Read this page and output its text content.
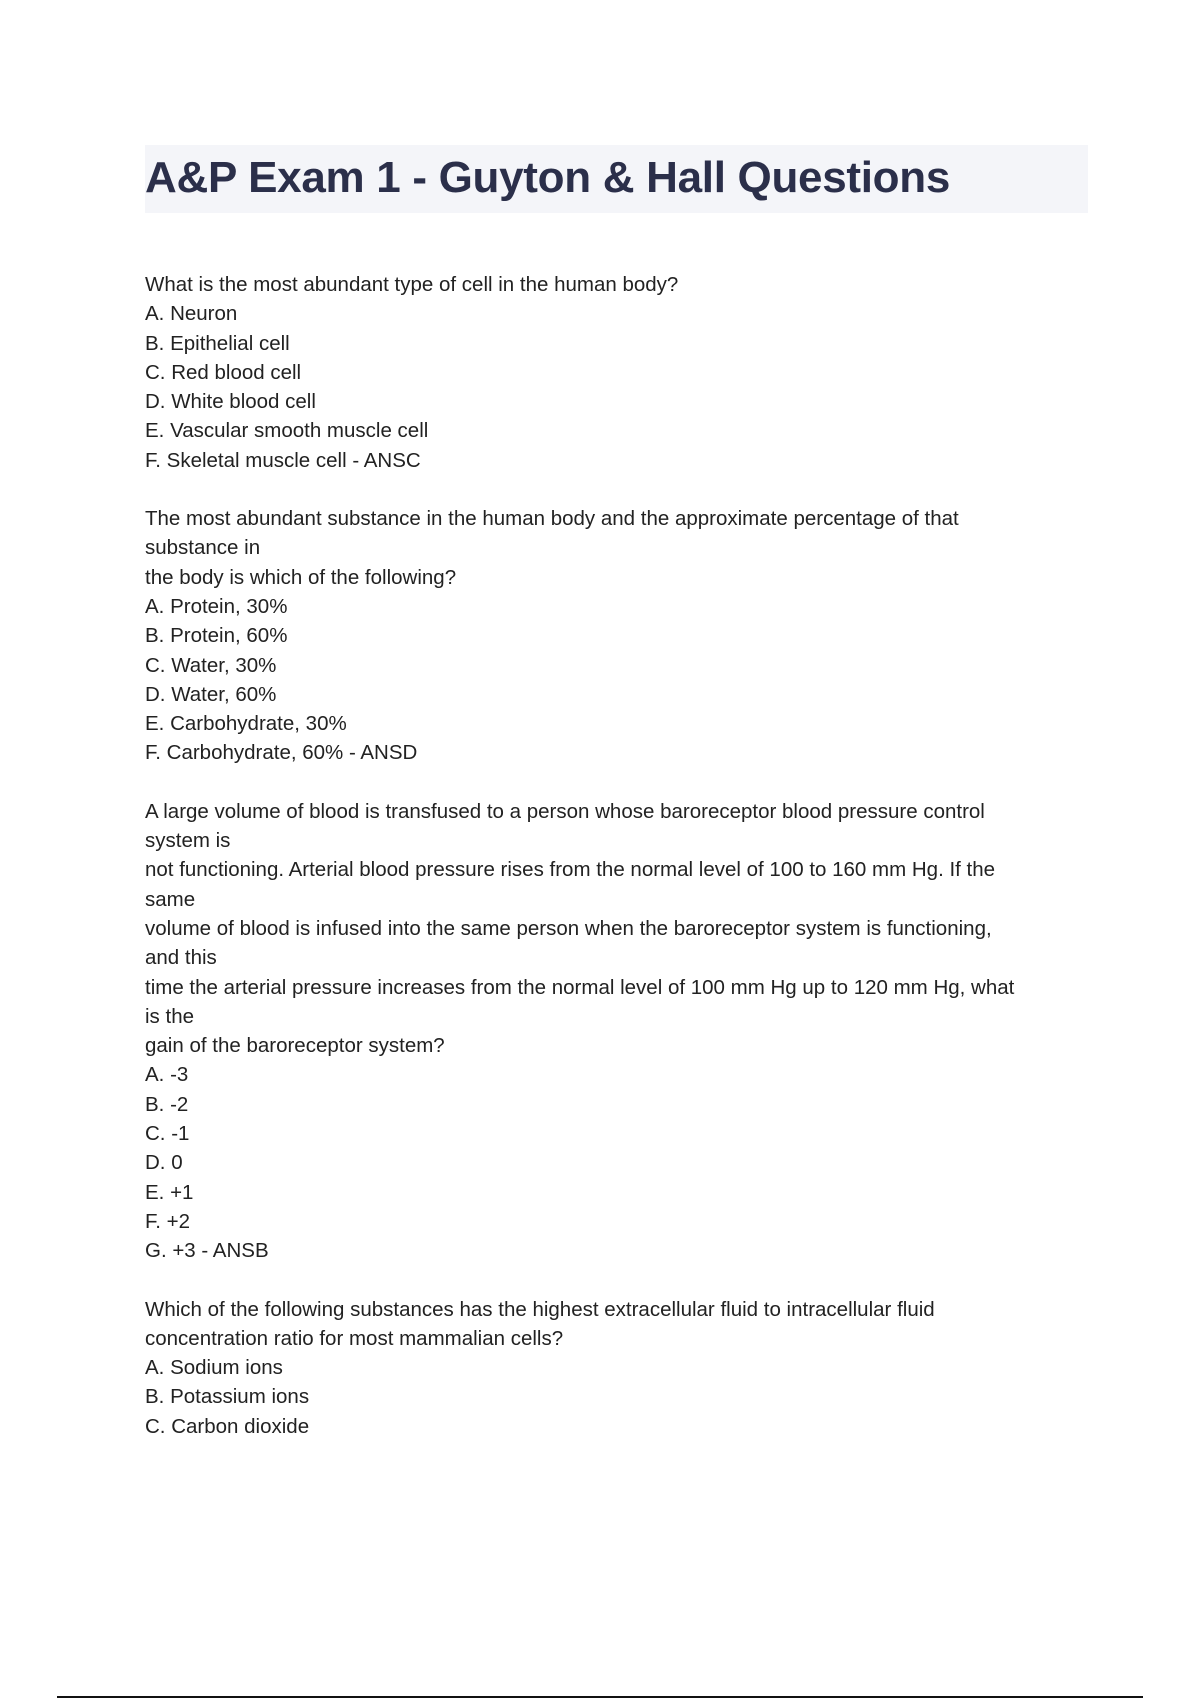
A&P Exam 1 - Guyton & Hall Questions
What is the most abundant type of cell in the human body?
A. Neuron
B. Epithelial cell
C. Red blood cell
D. White blood cell
E. Vascular smooth muscle cell
F. Skeletal muscle cell - ANSC
The most abundant substance in the human body and the approximate percentage of that
substance in
the body is which of the following?
A. Protein, 30%
B. Protein, 60%
C. Water, 30%
D. Water, 60%
E. Carbohydrate, 30%
F. Carbohydrate, 60% - ANSD
A large volume of blood is transfused to a person whose baroreceptor blood pressure control
system is
not functioning. Arterial blood pressure rises from the normal level of 100 to 160 mm Hg. If the
same
volume of blood is infused into the same person when the baroreceptor system is functioning,
and this
time the arterial pressure increases from the normal level of 100 mm Hg up to 120 mm Hg, what
is the
gain of the baroreceptor system?
A. -3
B. -2
C. -1
D. 0
E. +1
F. +2
G. +3 - ANSB
Which of the following substances has the highest extracellular fluid to intracellular fluid
concentration ratio for most mammalian cells?
A. Sodium ions
B. Potassium ions
C. Carbon dioxide
